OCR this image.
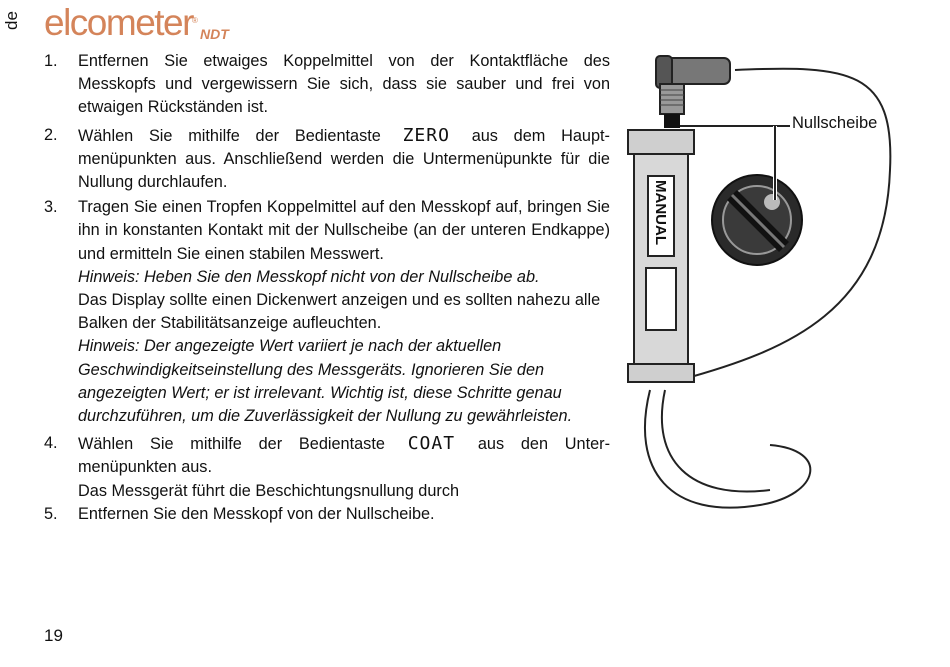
de elcometer ®
NDT
1.	Entfernen Sie etwaiges Koppelmittel von der Kontaktfläche des Messkopfs und vergewissern Sie sich, dass sie sauber und frei von etwaigen Rückständen ist.
2.	Wählen Sie mithilfe der Bedientaste ZERO aus dem Haupt-menüpunkten aus. Anschließend werden die Untermenüpunkte für die Nullung durchlaufen.
3.	Tragen Sie einen Tropfen Koppelmittel auf den Messkopf auf, bringen Sie ihn in konstanten Kontakt mit der Nullscheibe (an der unteren Endkappe) und ermitteln Sie einen stabilen Messwert.
Hinweis: Heben Sie den Messkopf nicht von der Nullscheibe ab.
Das Display sollte einen Dickenwert anzeigen und es sollten nahezu alle Balken der Stabilitätsanzeige aufleuchten.
Hinweis: Der angezeigte Wert variiert je nach der aktuellen Geschwindigkeitseinstellung des Messgeräts. Ignorieren Sie den angezeigten Wert; er ist irrelevant. Wichtig ist, diese Schritte genau durchzuführen, um die Zuverlässigkeit der Nullung zu gewährleisten.
4.	Wählen Sie mithilfe der Bedientaste COAT aus den Unter-menüpunkten aus.
Das Messgerät führt die Beschichtungsnullung durch
5.	Entfernen Sie den Messkopf von der Nullscheibe.
MANUAL
Nullscheibe
19
